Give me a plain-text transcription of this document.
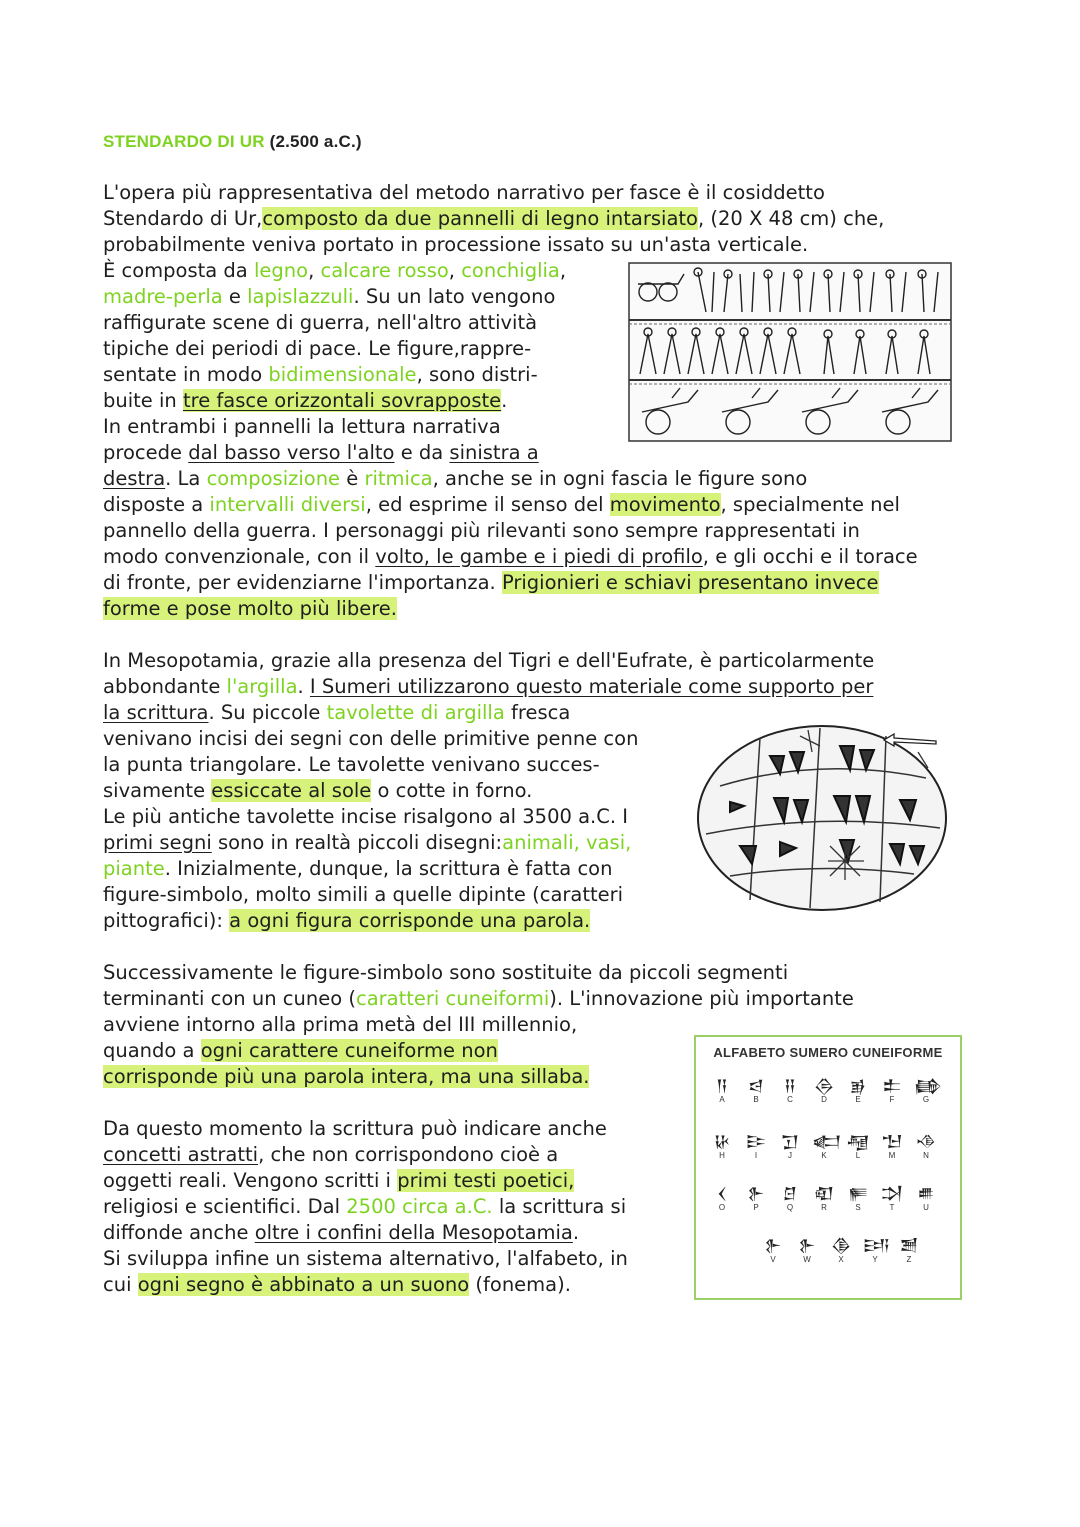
STENDARDO DI UR (2.500 a.C.)
L'opera più rappresentativa del metodo narrativo per fasce è il cosiddetto
Stendardo di Ur,composto da due pannelli di legno intarsiato, (20 X 48 cm) che,
probabilmente veniva portato in processione issato su un'asta verticale.
È composta da legno, calcare rosso, conchiglia,
madre-perla e lapislazzuli. Su un lato vengono
raffigurate scene di guerra, nell'altro attività
tipiche dei periodi di pace. Le figure,rappre-
sentate in modo bidimensionale, sono distri-
buite in tre fasce orizzontali sovrapposte.
In entrambi i pannelli la lettura narrativa
procede dal basso verso l'alto e da sinistra a
destra. La composizione è ritmica, anche se in ogni fascia le figure sono
disposte a intervalli diversi, ed esprime il senso del movimento, specialmente nel
pannello della guerra. I personaggi più rilevanti sono sempre rappresentati in
modo convenzionale, con il volto, le gambe e i piedi di profilo, e gli occhi e il torace
di fronte, per evidenziarne l'importanza. Prigionieri e schiavi presentano invece
forme e pose molto più libere.
In Mesopotamia, grazie alla presenza del Tigri e dell'Eufrate, è particolarmente
abbondante l'argilla. I Sumeri utilizzarono questo materiale come supporto per
la scrittura. Su piccole tavolette di argilla fresca
venivano incisi dei segni con delle primitive penne con
la punta triangolare. Le tavolette venivano succes-
sivamente essiccate al sole o cotte in forno.
Le più antiche tavolette incise risalgono al 3500 a.C. I
primi segni sono in realtà piccoli disegni:animali, vasi,
piante. Inizialmente, dunque, la scrittura è fatta con
figure-simbolo, molto simili a quelle dipinte (caratteri
pittografici): a ogni figura corrisponde una parola.
Successivamente le figure-simbolo sono sostituite da piccoli segmenti
terminanti con un cuneo (caratteri cuneiformi). L'innovazione più importante
avviene intorno alla prima metà del III millennio,
quando a ogni carattere cuneiforme non
corrisponde più una parola intera, ma una sillaba.
Da questo momento la scrittura può indicare anche
concetti astratti, che non corrispondono cioè a
oggetti reali. Vengono scritti i primi testi poetici,
religiosi e scientifici. Dal 2500 circa a.C. la scrittura si
diffonde anche oltre i confini della Mesopotamia.
Si sviluppa infine un sistema alternativo, l'alfabeto, in
cui ogni segno è abbinato a un suono (fonema).
ALFABETO SUMERO CUNEIFORME
𒀀
A
𒁀
B
𒍝
C
𒁲
D
𒂊
E
𒉺
F
𒂵
G
𒄩
H
𒄿
I
𒋛
J
𒅗
K
𒆷
L
𒈠
M
𒈾
N
𒌋
O
𒉿
P
𒆪
Q
𒊏
R
𒊓
S
𒋫
T
𒌑
U
𒉿
V
𒉿
W
𒆠
X
𒅀
Y
𒍪
Z
